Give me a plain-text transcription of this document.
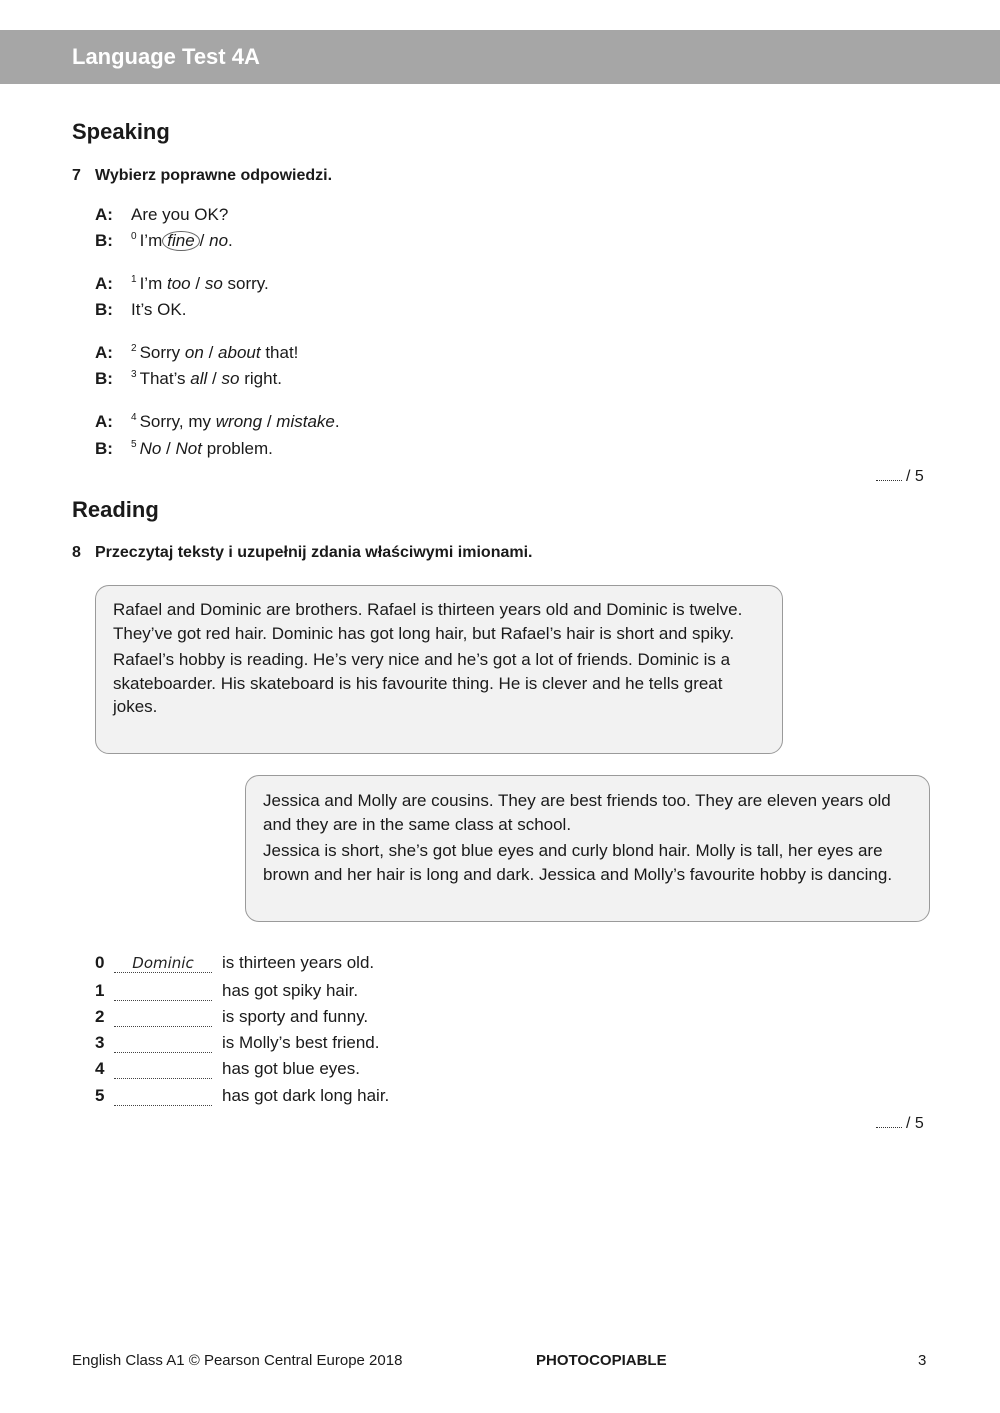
Language Test 4A
Speaking
7 Wybierz poprawne odpowiedzi.
A: Are you OK?
B: $^0$ I’m fine / no.
A: $^1$ I’m too / so sorry.
B: It’s OK.
A: $^2$ Sorry on / about that!
B: $^3$ That’s all / so right.
A: $^4$ Sorry, my wrong / mistake.
B: $^5$ No / Not problem.
/ 5
Reading
8 Przeczytaj teksty i uzupełnij zdania właściwymi imionami.

Rafael and Dominic are brothers. Rafael is thirteen years old and Dominic is twelve. They’ve got red hair. Dominic has got long hair, but Rafael’s hair is short and spiky.

Rafael’s hobby is reading. He’s very nice and he’s got a lot of friends. Dominic is a skateboarder. His skateboard is his favourite thing. He is clever and he tells great jokes.

Jessica and Molly are cousins. They are best friends too. They are eleven years old and they are in the same class at school.

Jessica is short, she’s got blue eyes and curly blond hair. Molly is tall, her eyes are brown and her hair is long and dark. Jessica and Molly’s favourite hobby is dancing.

0 Dominic is thirteen years old.
1	has got spiky hair.
2	is sporty and funny.
3	is Molly’s best friend.
4	has got blue eyes.
5	has got dark long hair.
/ 5
English Class A1 © Pearson Central Europe 2018	PHOTOCOPIABLE	3
